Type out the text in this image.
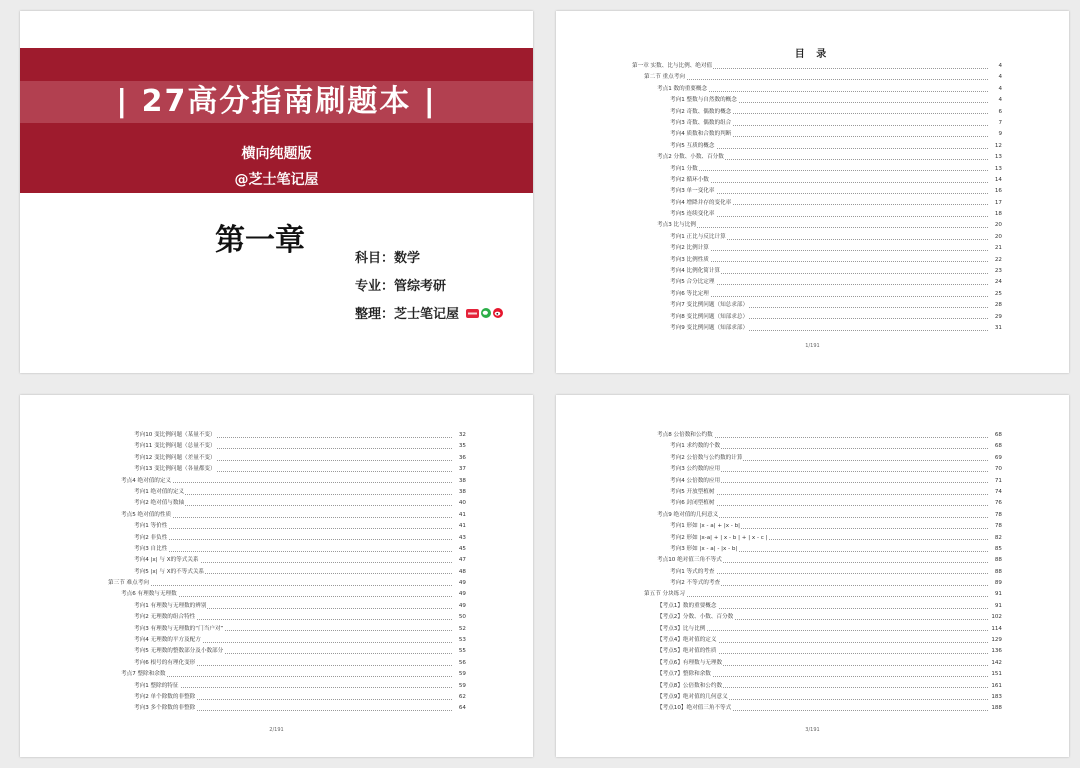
| 27高分指南刷题本 |
横向纯题版
@芝士笔记屋
第一章
科目：数学
专业：管综考研
整理：芝士笔记屋
目 录
第一章 实数、比与比例、绝对值	4
第二节 重点考向	4
考点1 数的重要概念	4
考向1 整数与自然数的概念	4
考向2 奇数、偶数的概念	6
考向3 奇数、偶数的组合	7
考向4 质数和合数的判断	9
考向5 互质的概念	12
考点2 分数、小数、百分数	13
考向1 分数	13
考向2 循环小数	14
考向3 单一变化率	16
考向4 增降并存的变化率	17
考向5 连续变化率	18
考点3 比与比例	20
考向1 正比与反比计算	20
考向2 比例计算	21
考向3 比例性质	22
考向4 比例化简计算	23
考向5 合分比定理	24
考向6 等比定理	25
考向7 变比例问题（知总求部）	28
考向8 变比例问题（知部求总）	29
考向9 变比例问题（知部求部）	31
1/191
考向10 变比例问题（某量不变）	32
考向11 变比例问题（总量不变）	35
考向12 变比例问题（差量不变）	36
考向13 变比例问题（各量都变）	37
考点4 绝对值的定义	38
考向1 绝对值的定义	38
考向2 绝对值与数轴	40
考点5 绝对值的性质	41
考向1 等价性	41
考向2 非负性	43
考向3 自比性	45
考向4 |x| 与 X的等式关系	47
考向5 |x| 与 X的不等式关系	48
第三节 难点考向	49
考点6 有理数与无理数	49
考向1 有理数与无理数的辨别	49
考向2 无理数的组合特性	50
考向3 有理数与无理数的“门当户对”	52
考向4 无理数的平方及配方	53
考向5 无理数的整数部分及小数部分	55
考向6 根号的有理化变形	56
考点7 整除和余数	59
考向1 整除的特征	59
考向2 单个除数的非整除	62
考向3 多个除数的非整除	64
2/191
考点8 公倍数和公约数	68
考向1 求约数的个数	68
考向2 公倍数与公约数的计算	69
考向3 公约数的应用	70
考向4 公倍数的应用	71
考向5 开放型植树	74
考向6 封闭型植树	76
考点9 绝对值的几何意义	78
考向1 形如 |x - a| + |x - b|	78
考向2 形如 |x-a| + | x - b | + | x - c |	82
考向3 形如 |x - a| - |x - b|	85
考点10 绝对值三角不等式	88
考向1 等式的考查	88
考向2 不等式的考查	89
第五节 分块练习	91
【考点1】数的重要概念	91
【考点2】分数、小数、百分数	102
【考点3】比与比例	114
【考点4】绝对值的定义	129
【考点5】绝对值的性质	136
【考点6】有理数与无理数	142
【考点7】整除和余数	151
【考点8】公倍数和公约数	161
【考点9】绝对值的几何意义	183
【考点10】绝对值三角不等式	188
3/191
